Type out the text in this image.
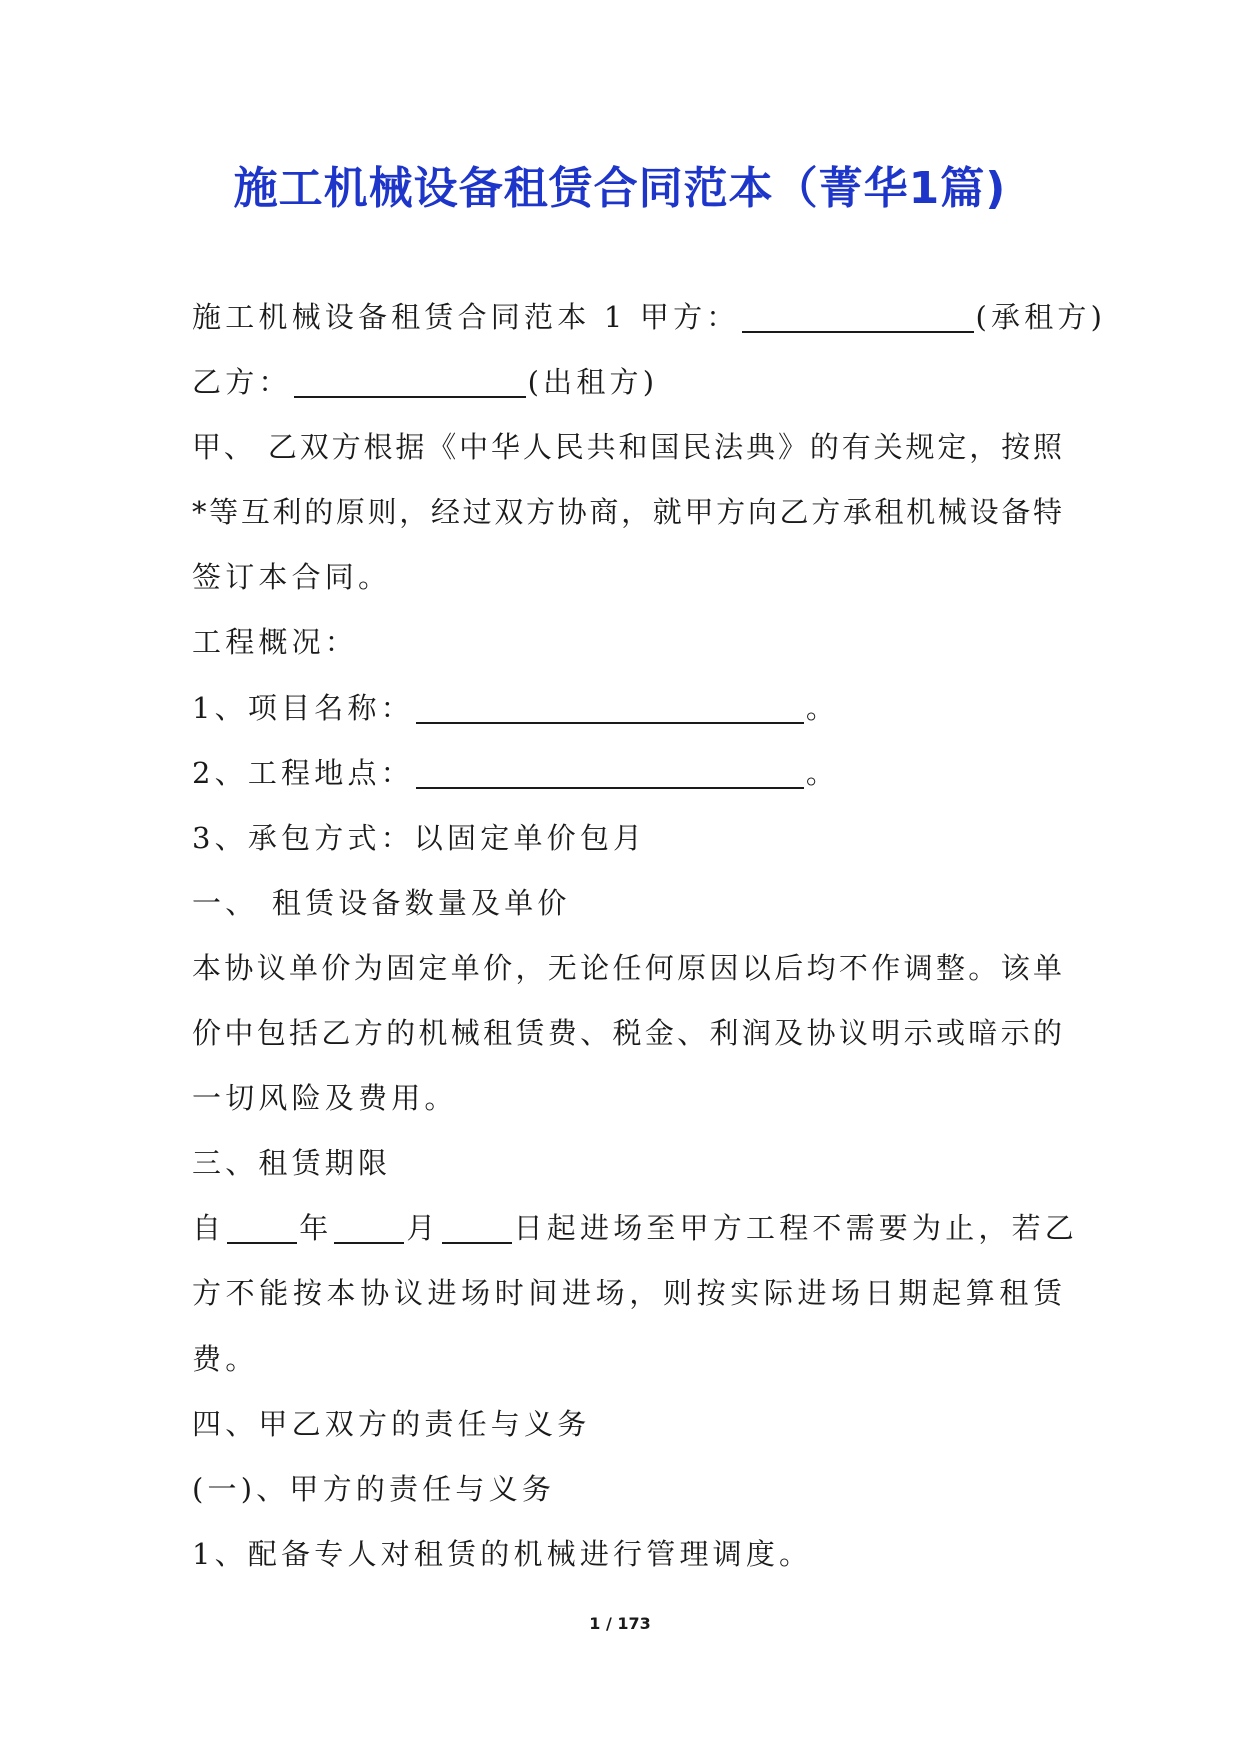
施工机械设备租赁合同范本（菁华1篇)
施工机械设备租赁合同范本 1 甲方：	(承租方)
乙方：	(出租方)
甲、 乙双方根据《中华人民共和国民法典》的有关规定，按照
*等互利的原则，经过双方协商，就甲方向乙方承租机械设备特
签订本合同。
工程概况：
1、项目名称：	。
2、工程地点：	。
3、承包方式：以固定单价包月
一、 租赁设备数量及单价
本协议单价为固定单价，无论任何原因以后均不作调整。该单
价中包括乙方的机械租赁费、税金、利润及协议明示或暗示的
一切风险及费用。
三、租赁期限
自	年	月	日起进场至甲方工程不需要为止，若乙
方不能按本协议进场时间进场，则按实际进场日期起算租赁
费。
四、甲乙双方的责任与义务
(一)、甲方的责任与义务
1、配备专人对租赁的机械进行管理调度。
1 / 173
